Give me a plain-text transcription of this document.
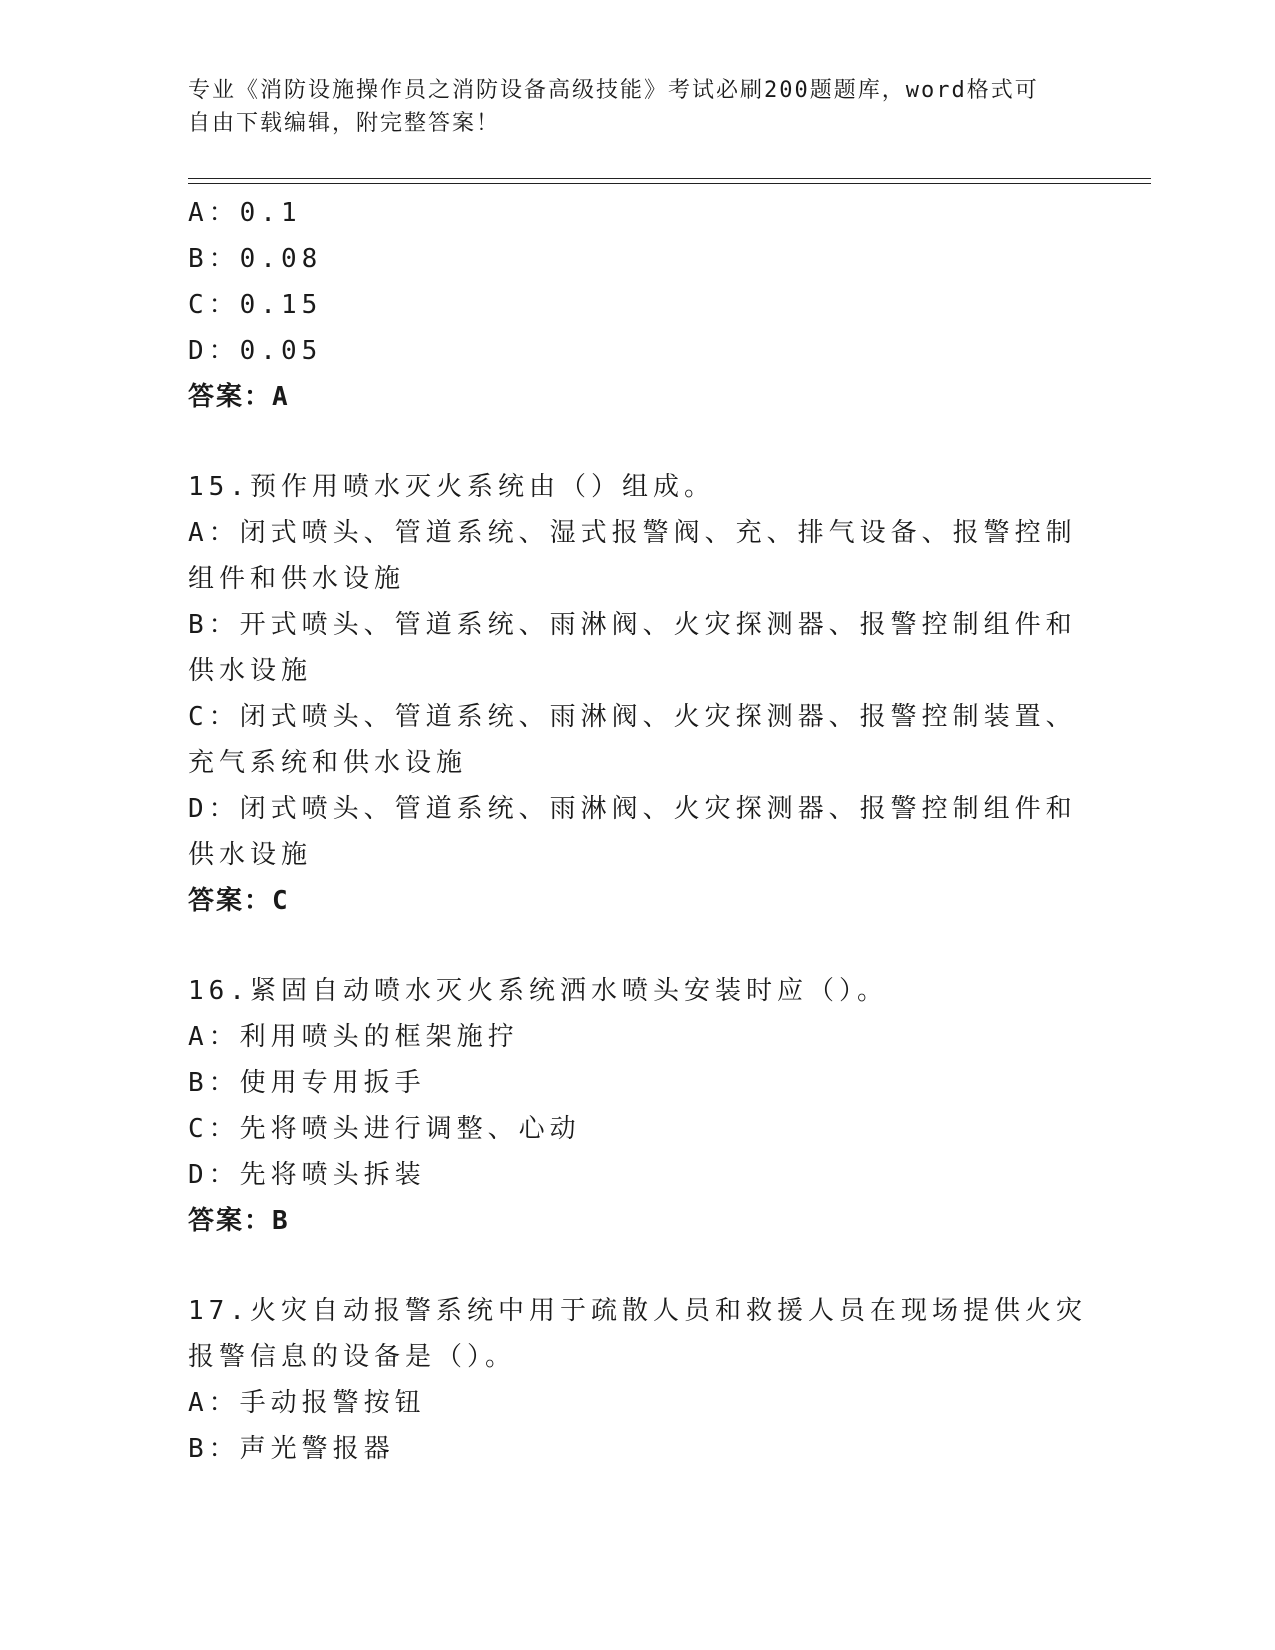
专业《消防设施操作员之消防设备高级技能》考试必刷200题题库，word格式可
自由下载编辑，附完整答案！
A：0.1
B：0.08
C：0.15
D：0.05
答案：A
15.预作用喷水灭火系统由（）组成。
A：闭式喷头、管道系统、湿式报警阀、充、排气设备、报警控制组件和供水设施
B：开式喷头、管道系统、雨淋阀、火灾探测器、报警控制组件和供水设施
C：闭式喷头、管道系统、雨淋阀、火灾探测器、报警控制装置、充气系统和供水设施
D：闭式喷头、管道系统、雨淋阀、火灾探测器、报警控制组件和供水设施
答案：C
16.紧固自动喷水灭火系统洒水喷头安装时应（）。
A：利用喷头的框架施拧
B：使用专用扳手
C：先将喷头进行调整、心动
D：先将喷头拆装
答案：B
17.火灾自动报警系统中用于疏散人员和救援人员在现场提供火灾报警信息的设备是（）。
A：手动报警按钮
B：声光警报器
